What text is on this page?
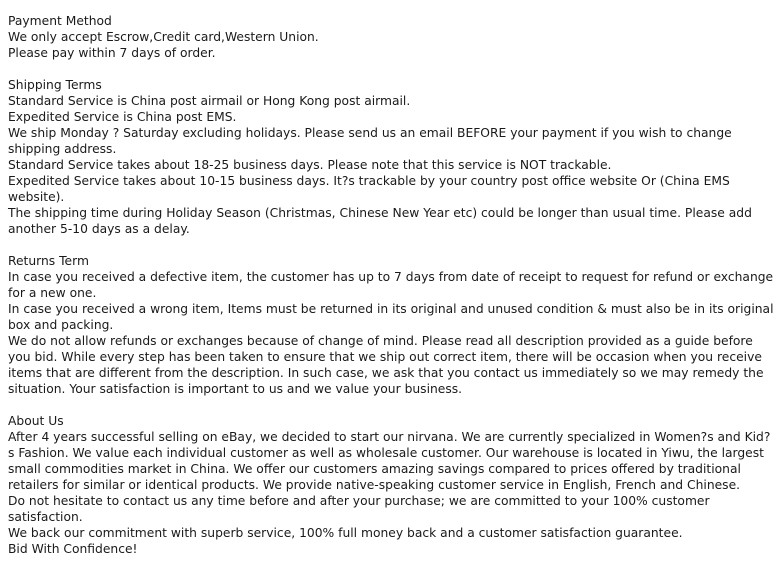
Payment Method
We only accept Escrow,Credit card,Western Union.
Please pay within 7 days of order.
Shipping Terms
Standard Service is China post airmail or Hong Kong post airmail.
Expedited Service is China post EMS.
We ship Monday ? Saturday excluding holidays. Please send us an email BEFORE your payment if you wish to change shipping address.
Standard Service takes about 18-25 business days. Please note that this service is NOT trackable.
Expedited Service takes about 10-15 business days. It?s trackable by your country post office website Or (China EMS website).
The shipping time during Holiday Season (Christmas, Chinese New Year etc) could be longer than usual time. Please add another 5-10 days as a delay.
Returns Term
In case you received a defective item, the customer has up to 7 days from date of receipt to request for refund or exchange for a new one.
In case you received a wrong item, Items must be returned in its original and unused condition & must also be in its original box and packing.
We do not allow refunds or exchanges because of change of mind. Please read all description provided as a guide before you bid. While every step has been taken to ensure that we ship out correct item, there will be occasion when you receive items that are different from the description. In such case, we ask that you contact us immediately so we may remedy the situation. Your satisfaction is important to us and we value your business.
About Us
After 4 years successful selling on eBay, we decided to start our nirvana. We are currently specialized in Women?s and Kid?s Fashion. We value each individual customer as well as wholesale customer. Our warehouse is located in Yiwu, the largest small commodities market in China. We offer our customers amazing savings compared to prices offered by traditional retailers for similar or identical products. We provide native-speaking customer service in English, French and Chinese.
Do not hesitate to contact us any time before and after your purchase; we are committed to your 100% customer satisfaction.
We back our commitment with superb service, 100% full money back and a customer satisfaction guarantee.
Bid With Confidence!
